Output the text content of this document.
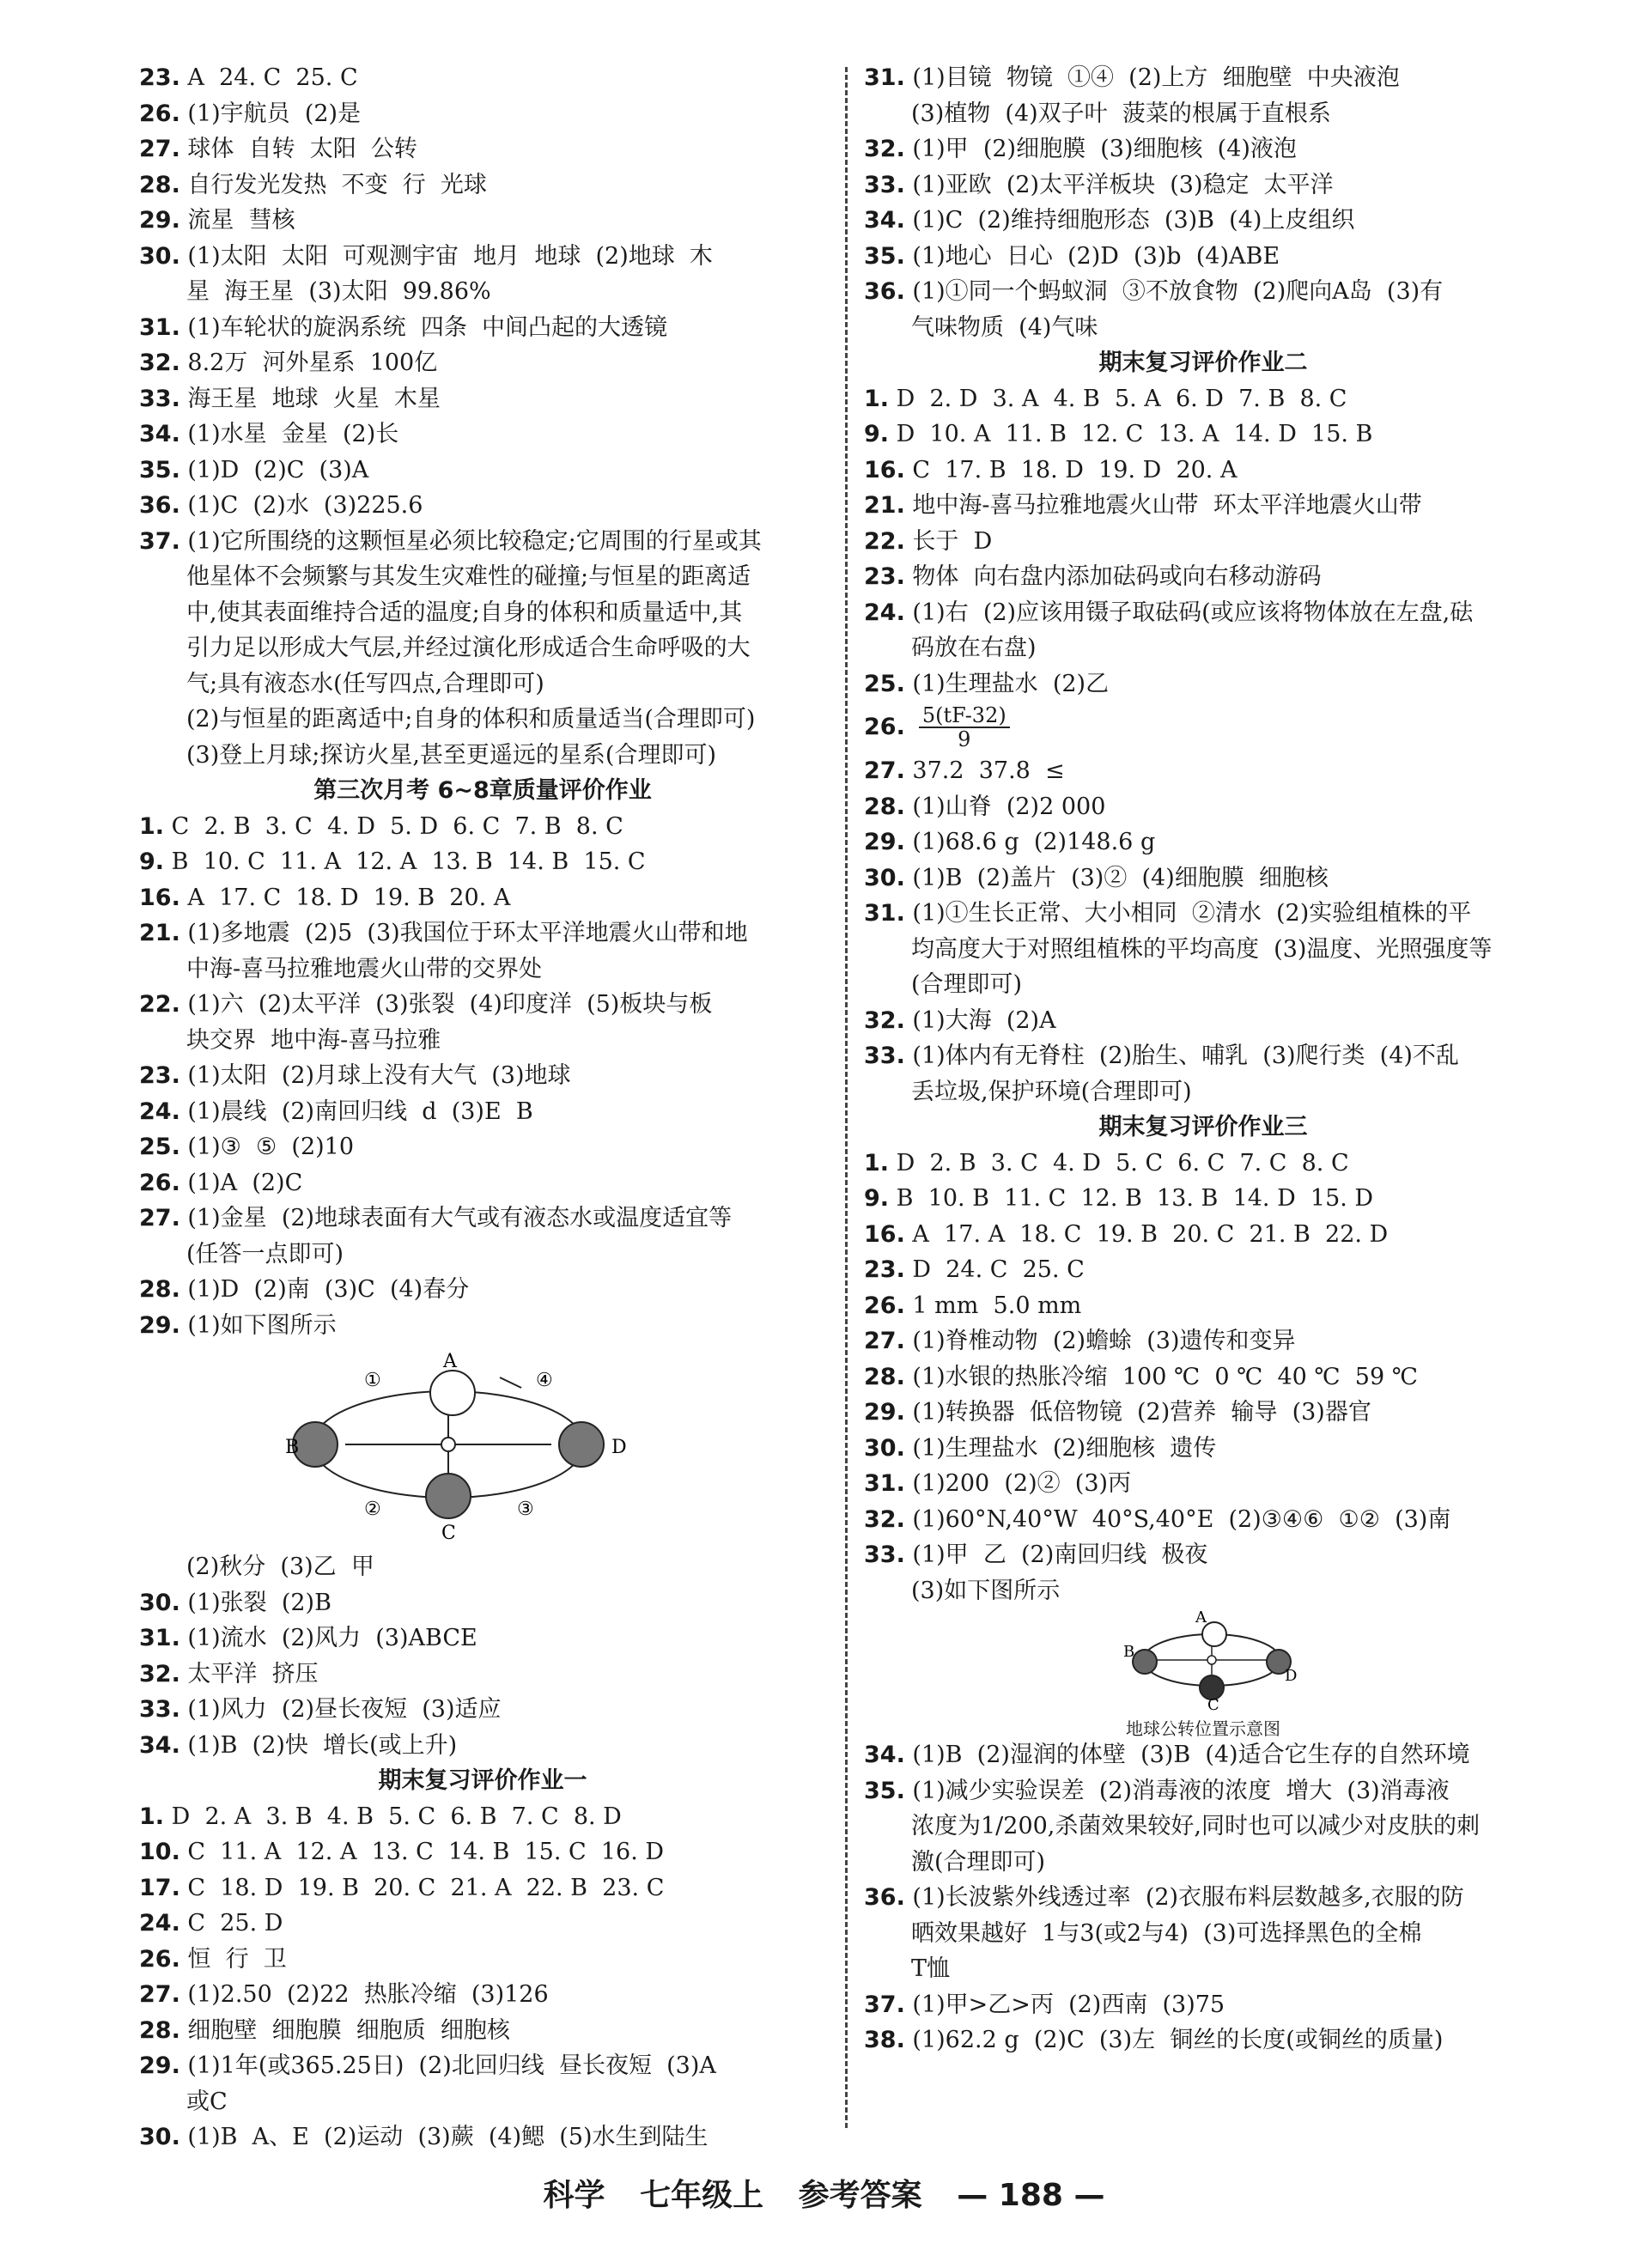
23. A  24. C  25. C
26. (1)宇航员  (2)是
27. 球体  自转  太阳  公转
28. 自行发光发热  不变  行  光球
29. 流星  彗核
30. (1)太阳  太阳  可观测宇宙  地月  地球  (2)地球  木
星  海王星  (3)太阳  99.86%
31. (1)车轮状的旋涡系统  四条  中间凸起的大透镜
32. 8.2万  河外星系  100亿
33. 海王星  地球  火星  木星
34. (1)水星  金星  (2)长
35. (1)D  (2)C  (3)A
36. (1)C  (2)水  (3)225.6
37. (1)它所围绕的这颗恒星必须比较稳定;它周围的行星或其
他星体不会频繁与其发生灾难性的碰撞;与恒星的距离适
中,使其表面维持合适的温度;自身的体积和质量适中,其
引力足以形成大气层,并经过演化形成适合生命呼吸的大
气;具有液态水(任写四点,合理即可)
(2)与恒星的距离适中;自身的体积和质量适当(合理即可)
(3)登上月球;探访火星,甚至更遥远的星系(合理即可)
第三次月考 6~8章质量评价作业
1. C  2. B  3. C  4. D  5. D  6. C  7. B  8. C
9. B  10. C  11. A  12. A  13. B  14. B  15. C
16. A  17. C  18. D  19. B  20. A
21. (1)多地震  (2)5  (3)我国位于环太平洋地震火山带和地
中海-喜马拉雅地震火山带的交界处
22. (1)六  (2)太平洋  (3)张裂  (4)印度洋  (5)板块与板
块交界  地中海-喜马拉雅
23. (1)太阳  (2)月球上没有大气  (3)地球
24. (1)晨线  (2)南回归线  d  (3)E  B
25. (1)③  ⑤  (2)10
26. (1)A  (2)C
27. (1)金星  (2)地球表面有大气或有液态水或温度适宜等
(任答一点即可)
28. (1)D  (2)南  (3)C  (4)春分
29. (1)如下图所示
A
B
C
D
①
②	③
④
(2)秋分  (3)乙  甲
30. (1)张裂  (2)B
31. (1)流水  (2)风力  (3)ABCE
32. 太平洋  挤压
33. (1)风力  (2)昼长夜短  (3)适应
34. (1)B  (2)快  增长(或上升)
期末复习评价作业一
1. D  2. A  3. B  4. B  5. C  6. B  7. C  8. D
10. C  11. A  12. A  13. C  14. B  15. C  16. D
17. C  18. D  19. B  20. C  21. A  22. B  23. C
24. C  25. D
26. 恒  行  卫
27. (1)2.50  (2)22  热胀冷缩  (3)126
28. 细胞壁  细胞膜  细胞质  细胞核
29. (1)1年(或365.25日)  (2)北回归线  昼长夜短  (3)A
或C
30. (1)B  A、E  (2)运动  (3)蕨  (4)鳃  (5)水生到陆生
31. (1)目镜  物镜  ①④  (2)上方  细胞壁  中央液泡
(3)植物  (4)双子叶  菠菜的根属于直根系
32. (1)甲  (2)细胞膜  (3)细胞核  (4)液泡
33. (1)亚欧  (2)太平洋板块  (3)稳定  太平洋
34. (1)C  (2)维持细胞形态  (3)B  (4)上皮组织
35. (1)地心  日心  (2)D  (3)b  (4)ABE
36. (1)①同一个蚂蚁洞  ③不放食物  (2)爬向A岛  (3)有
气味物质  (4)气味
期末复习评价作业二
1. D  2. D  3. A  4. B  5. A  6. D  7. B  8. C
9. D  10. A  11. B  12. C  13. A  14. D  15. B
16. C  17. B  18. D  19. D  20. A
21. 地中海-喜马拉雅地震火山带  环太平洋地震火山带
22. 长于  D
23. 物体  向右盘内添加砝码或向右移动游码
24. (1)右  (2)应该用镊子取砝码(或应该将物体放在左盘,砝
码放在右盘)
25. (1)生理盐水  (2)乙
26. $\frac{5(tF-32)}{9}$
27. 37.2  37.8  ≤
28. (1)山脊  (2)2 000
29. (1)68.6 g  (2)148.6 g
30. (1)B  (2)盖片  (3)②  (4)细胞膜  细胞核
31. (1)①生长正常、大小相同  ②清水  (2)实验组植株的平
均高度大于对照组植株的平均高度  (3)温度、光照强度等
(合理即可)
32. (1)大海  (2)A
33. (1)体内有无脊柱  (2)胎生、哺乳  (3)爬行类  (4)不乱
丢垃圾,保护环境(合理即可)
期末复习评价作业三
1. D  2. B  3. C  4. D  5. C  6. C  7. C  8. C
9. B  10. B  11. C  12. B  13. B  14. D  15. D
16. A  17. A  18. C  19. B  20. C  21. B  22. D
23. D  24. C  25. C
26. 1 mm  5.0 mm
27. (1)脊椎动物  (2)蟾蜍  (3)遗传和变异
28. (1)水银的热胀冷缩  100 ℃  0 ℃  40 ℃  59 ℃
29. (1)转换器  低倍物镜  (2)营养  输导  (3)器官
30. (1)生理盐水  (2)细胞核  遗传
31. (1)200  (2)②  (3)丙
32. (1)60°N,40°W  40°S,40°E  (2)③④⑥  ①②  (3)南
33. (1)甲  乙  (2)南回归线  极夜
(3)如下图所示
A
B
C
D
地球公转位置示意图
34. (1)B  (2)湿润的体壁  (3)B  (4)适合它生存的自然环境
35. (1)减少实验误差  (2)消毒液的浓度  增大  (3)消毒液
浓度为1/200,杀菌效果较好,同时也可以减少对皮肤的刺
激(合理即可)
36. (1)长波紫外线透过率  (2)衣服布料层数越多,衣服的防
晒效果越好  1与3(或2与4)  (3)可选择黑色的全棉
T恤
37. (1)甲>乙>丙  (2)西南  (3)75
38. (1)62.2 g  (2)C  (3)左  铜丝的长度(或铜丝的质量)
科学 七年级上 参考答案 — 188 —
